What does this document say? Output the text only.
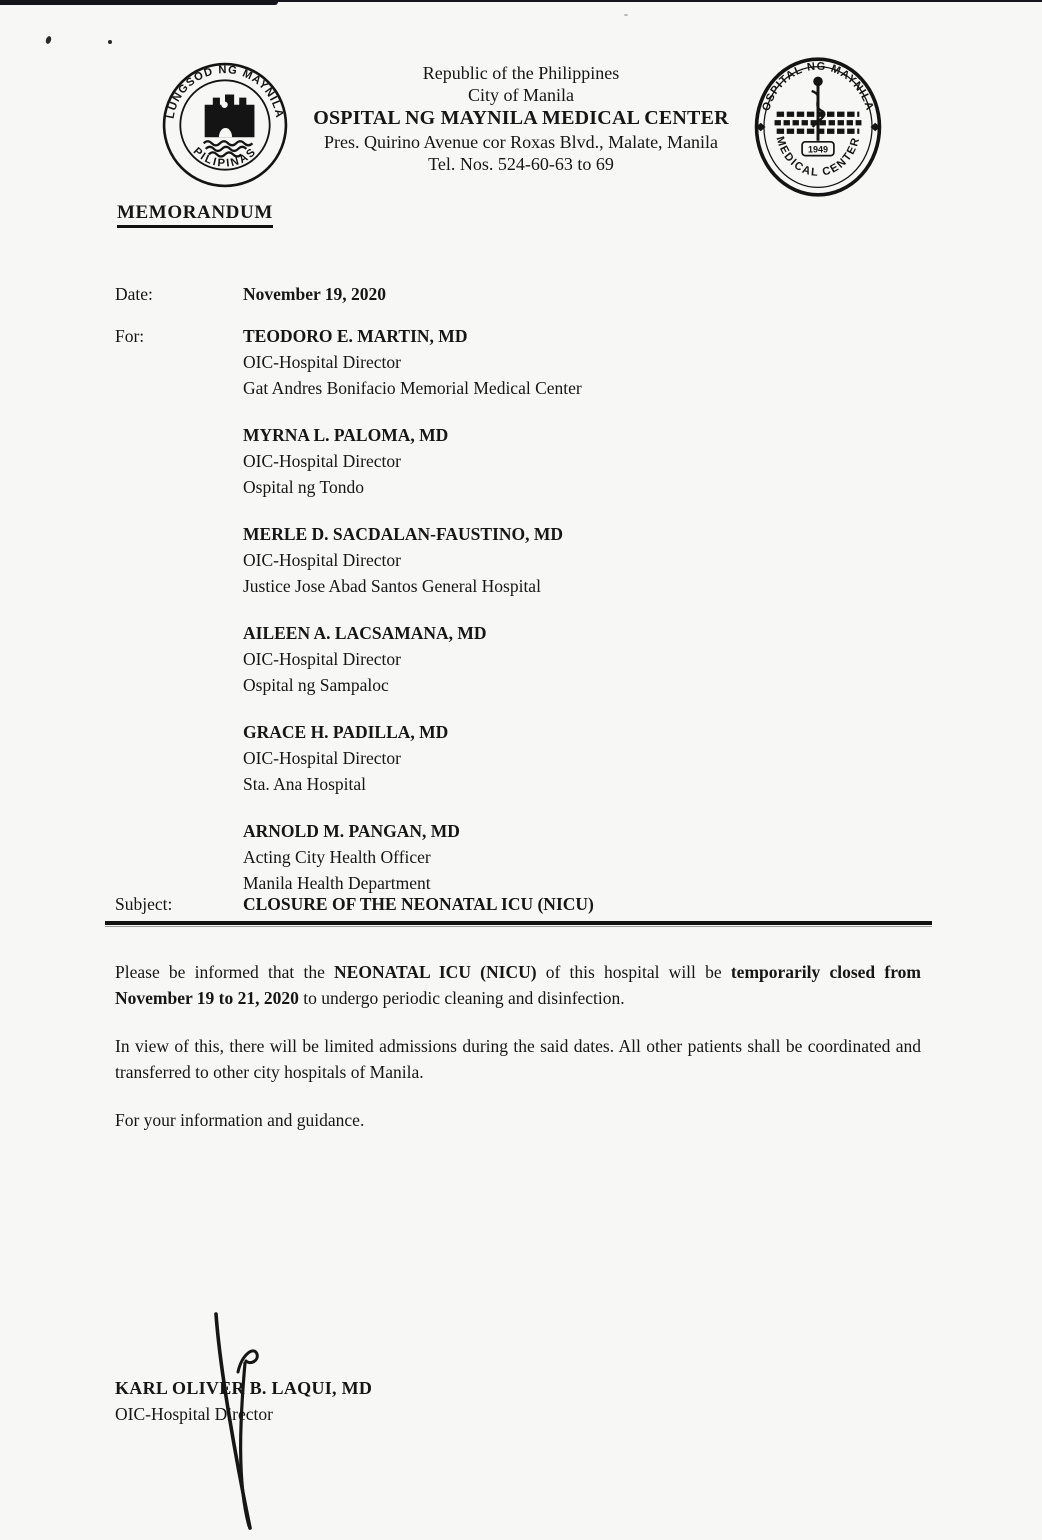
Republic of the Philippines
City of Manila
OSPITAL NG MAYNILA MEDICAL CENTER
Pres. Quirino Avenue cor Roxas Blvd., Malate, Manila
Tel. Nos. 524-60-63 to 69
LUNGSOD NG MAYNILA
PILIPINAS
OSPITAL NG MAYNILA
MEDICAL CENTER
1949
MEMORANDUM
Date:	November 19, 2020
For:	TEODORO E. MARTIN, MD
OIC-Hospital Director
Gat Andres Bonifacio Memorial Medical Center
MYRNA L. PALOMA, MD
OIC-Hospital Director
Ospital ng Tondo
MERLE D. SACDALAN-FAUSTINO, MD
OIC-Hospital Director
Justice Jose Abad Santos General Hospital
AILEEN A. LACSAMANA, MD
OIC-Hospital Director
Ospital ng Sampaloc
GRACE H. PADILLA, MD
OIC-Hospital Director
Sta. Ana Hospital
ARNOLD M. PANGAN, MD
Acting City Health Officer
Manila Health Department
Subject:	CLOSURE OF THE NEONATAL ICU (NICU)

Please be informed that the NEONATAL ICU (NICU) of this hospital will be temporarily closed from November 19 to 21, 2020 to undergo periodic cleaning and disinfection.

In view of this, there will be limited admissions during the said dates. All other patients shall be coordinated and transferred to other city hospitals of Manila.

For your information and guidance.

KARL OLIVER B. LAQUI, MD
OIC-Hospital Director
